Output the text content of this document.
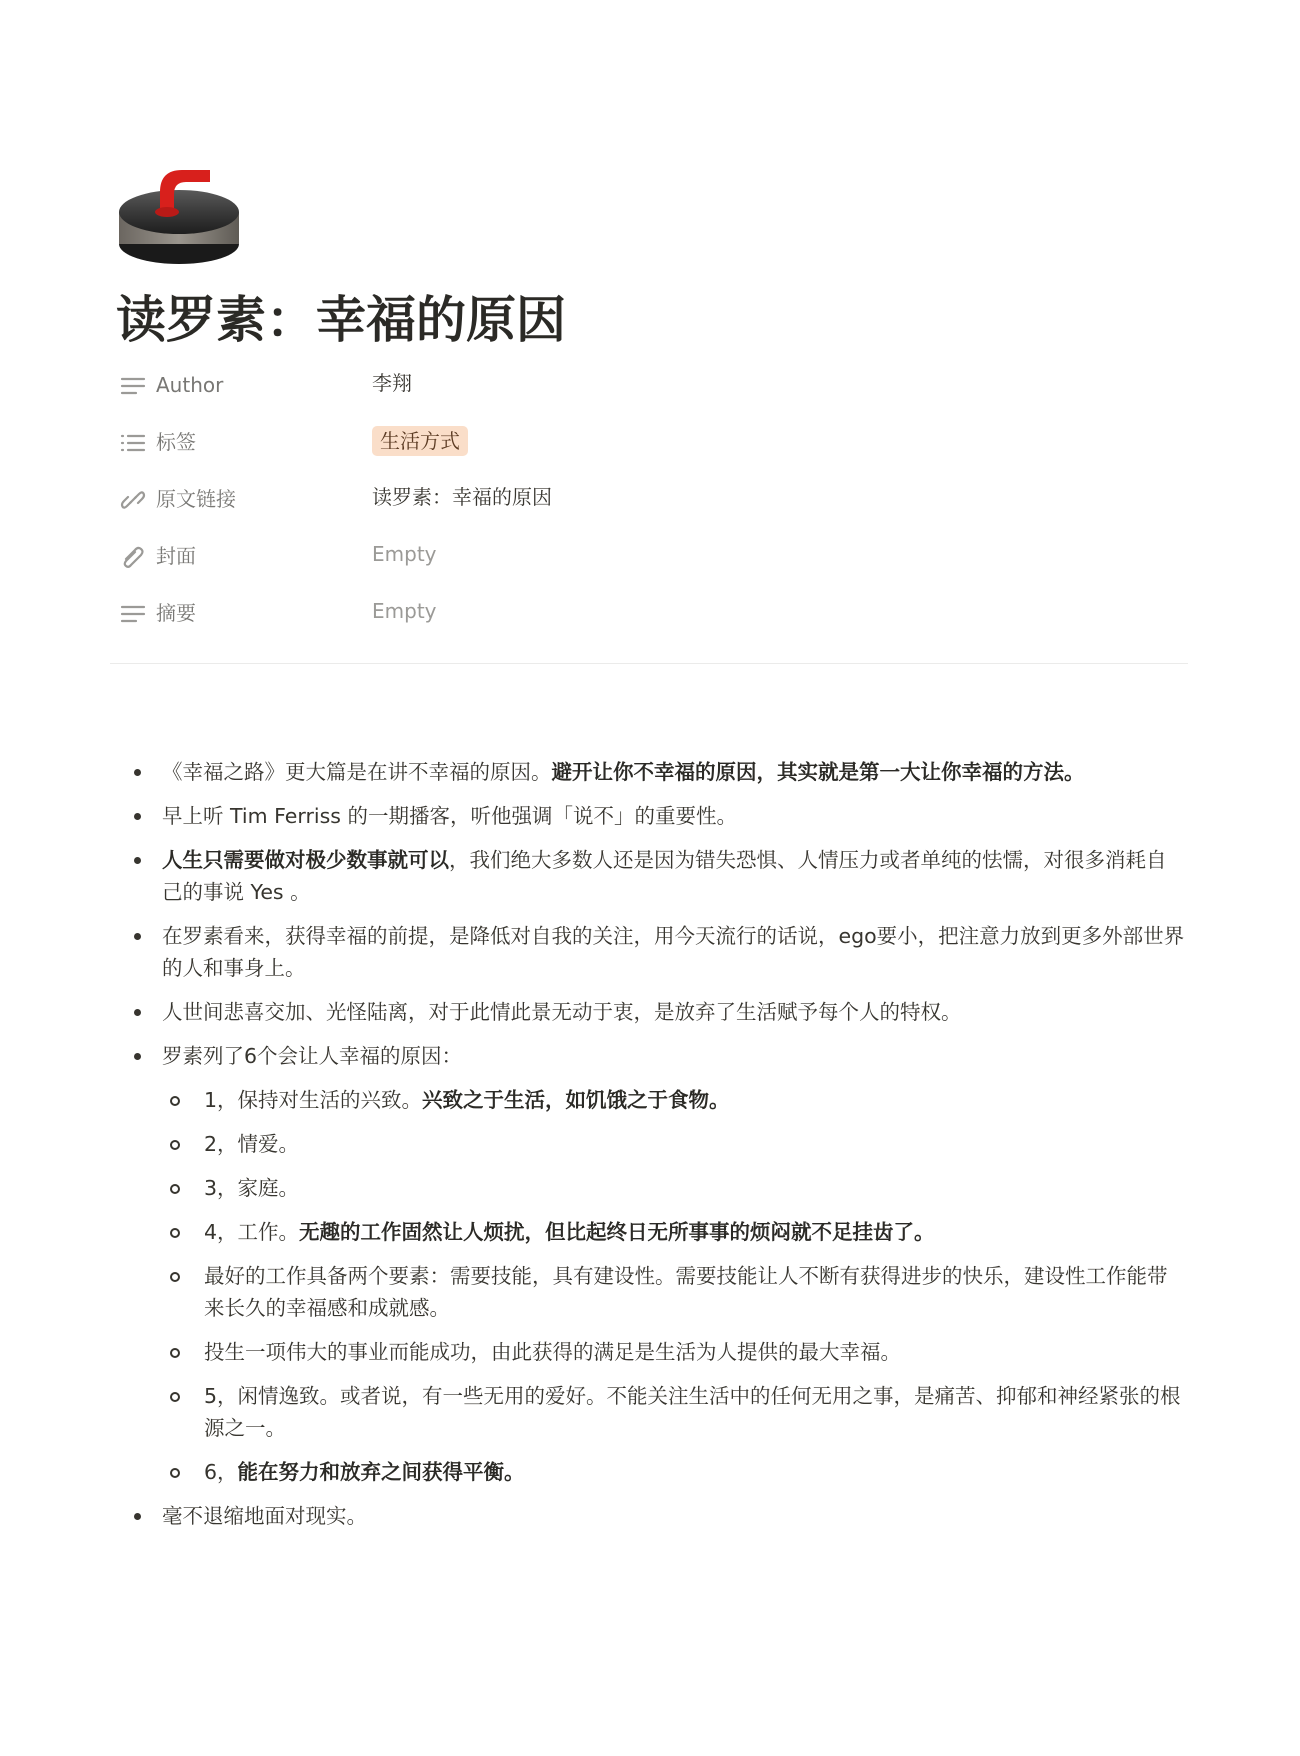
读罗素：幸福的原因
Author	李翔
标签	生活方式
原文链接	读罗素：幸福的原因
封面	Empty
摘要	Empty
《幸福之路》更大篇是在讲不幸福的原因。避开让你不幸福的原因，其实就是第一大让你幸福的方法。
早上听 Tim Ferriss 的一期播客，听他强调「说不」的重要性。
人生只需要做对极少数事就可以，我们绝大多数人还是因为错失恐惧、人情压力或者单纯的怯懦，对很多消耗自己的事说 Yes 。
在罗素看来，获得幸福的前提，是降低对自我的关注，用今天流行的话说，ego要小，把注意力放到更多外部世界的人和事身上。
人世间悲喜交加、光怪陆离，对于此情此景无动于衷，是放弃了生活赋予每个人的特权。
罗素列了6个会让人幸福的原因：
1，保持对生活的兴致。兴致之于生活，如饥饿之于食物。
2，情爱。
3，家庭。
4，工作。无趣的工作固然让人烦扰，但比起终日无所事事的烦闷就不足挂齿了。
最好的工作具备两个要素：需要技能，具有建设性。需要技能让人不断有获得进步的快乐，建设性工作能带来长久的幸福感和成就感。
投生一项伟大的事业而能成功，由此获得的满足是生活为人提供的最大幸福。
5，闲情逸致。或者说，有一些无用的爱好。不能关注生活中的任何无用之事，是痛苦、抑郁和神经紧张的根源之一。
6，能在努力和放弃之间获得平衡。
毫不退缩地面对现实。
